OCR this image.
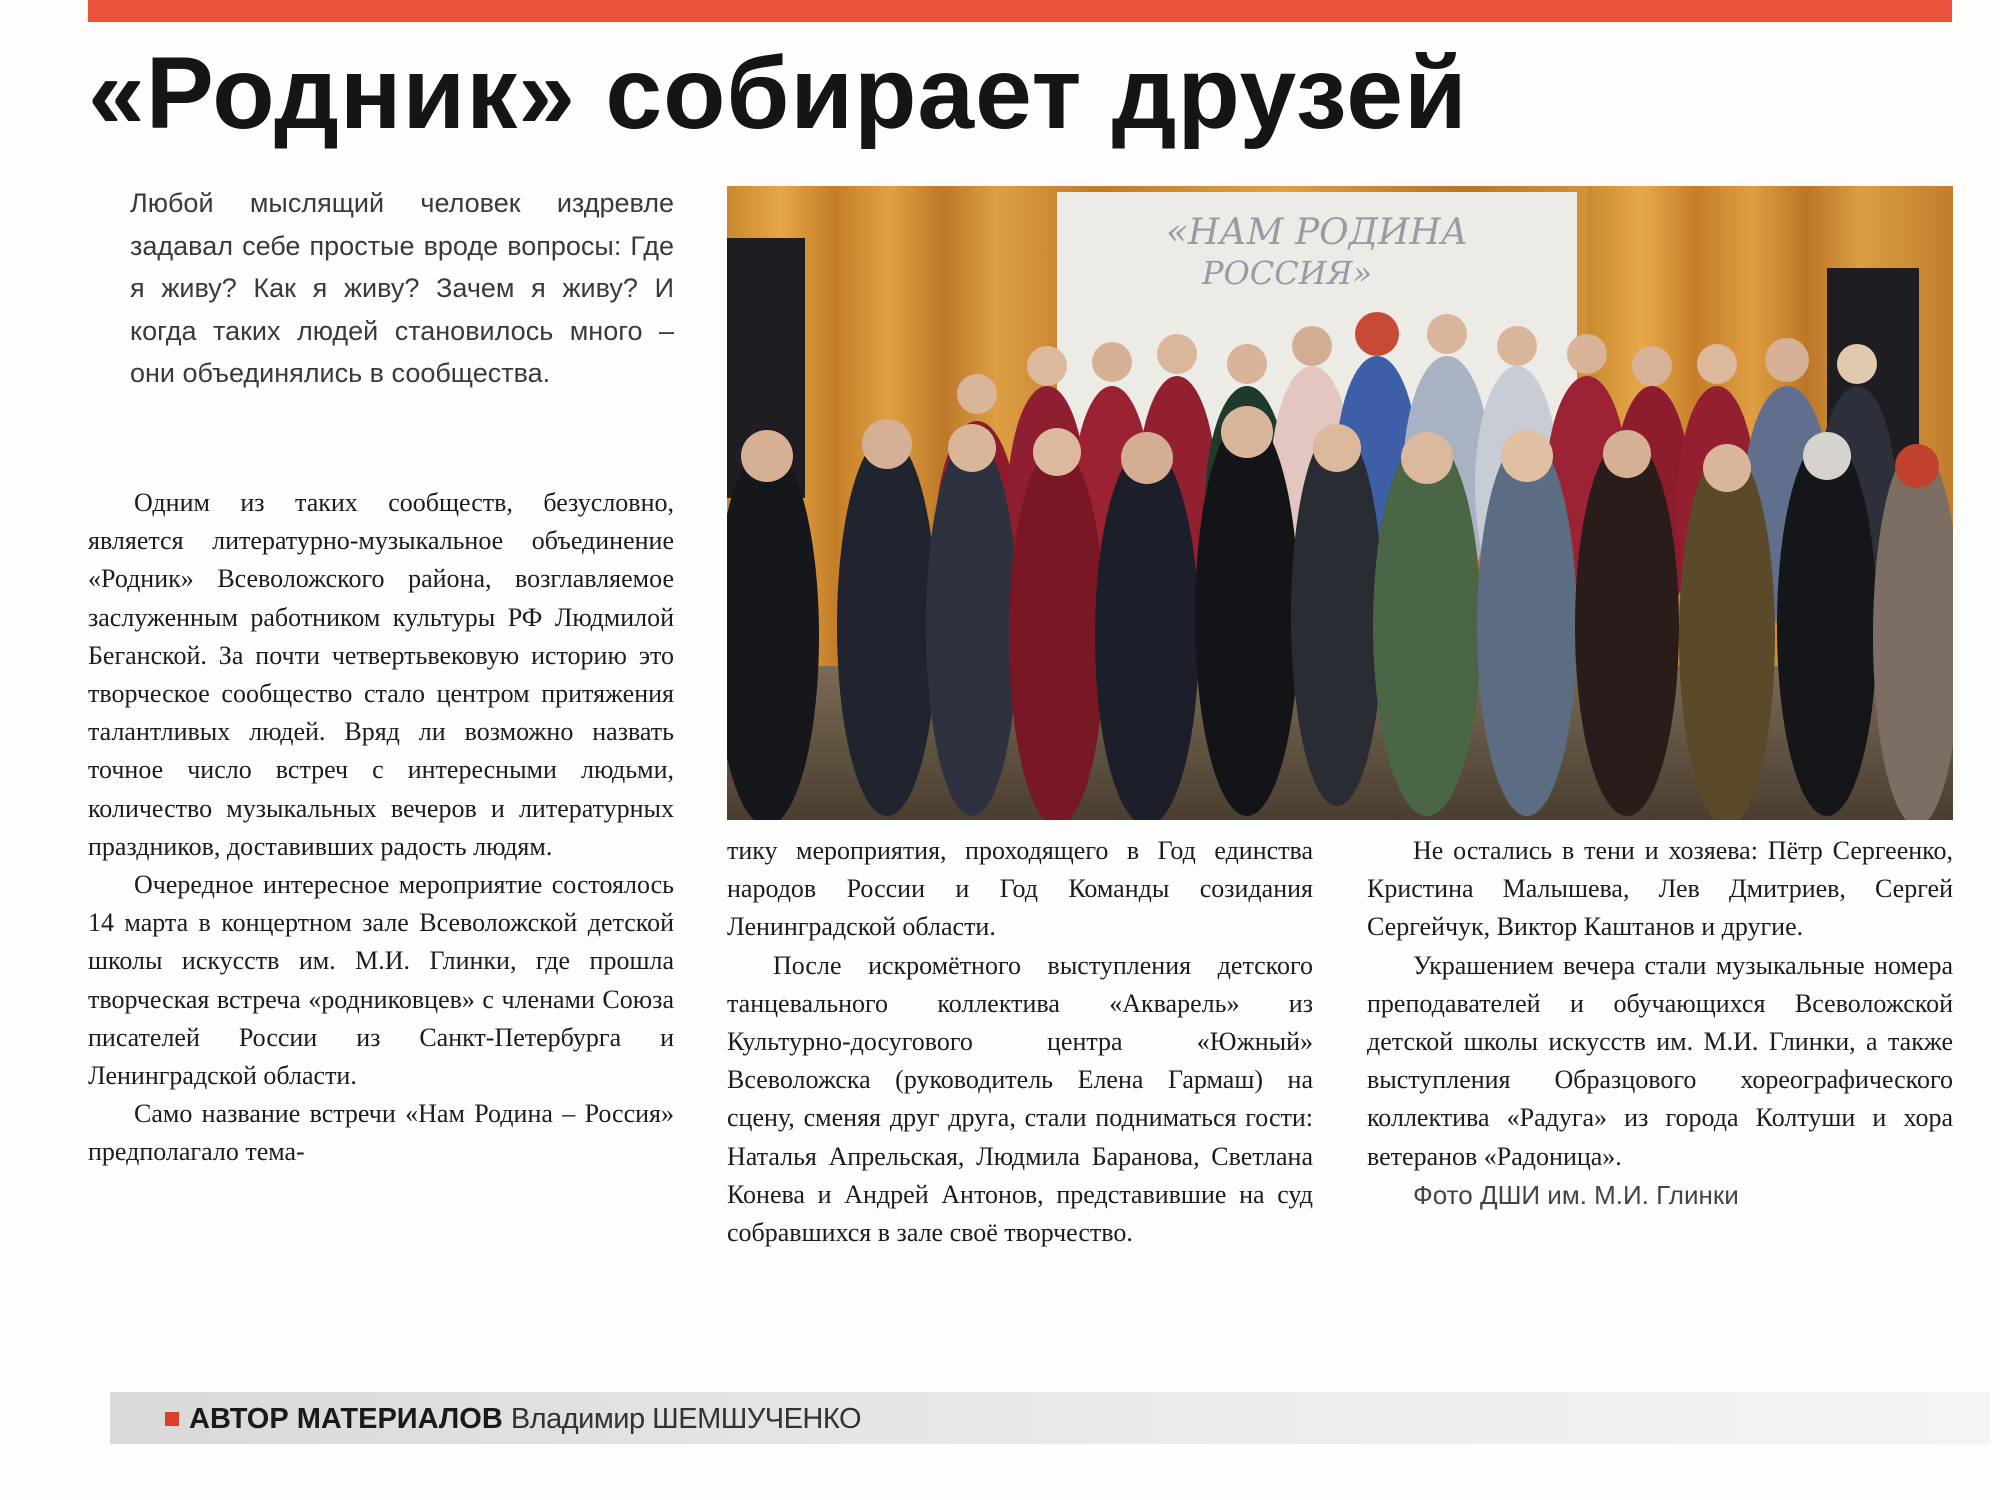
«Родник» собирает друзей

Любой мыслящий человек издревле задавал себе простые вроде вопросы: Где я живу? Как я живу? Зачем я живу? И когда таких людей становилось много – они объединялись в сообщества.

Одним из таких сообществ, безусловно, является литературно-музыкальное объединение «Родник» Всеволожского района, возглавляемое заслуженным работником культуры РФ Людмилой Беганской. За почти четвертьвековую историю это творческое сообщество стало центром притяжения талантливых людей. Вряд ли возможно назвать точное число встреч с интересными людьми, количество музыкальных вечеров и литературных праздников, доставивших радость людям.

Очередное интересное мероприятие состоялось 14 марта в концертном зале Всеволожской детской школы искусств им. М.И. Глинки, где прошла творческая встреча «родниковцев» с членами Союза писателей России из Санкт-Петербурга и Ленинградской области.

Само название встречи «Нам Родина – Россия» предполагало тема-

«НАМ РОДИНА
РОССИЯ»

тику мероприятия, проходящего в Год единства народов России и Год Команды созидания Ленинградской области.

После искромётного выступления детского танцевального коллектива «Акварель» из Культурно-досугового центра «Южный» Всеволожска (руководитель Елена Гармаш) на сцену, сменяя друг друга, стали подниматься гости: Наталья Апрельская, Людмила Баранова, Светлана Конева и Андрей Антонов, представившие на суд собравшихся в зале своё творчество.

Не остались в тени и хозяева: Пётр Сергеенко, Кристина Малышева, Лев Дмитриев, Сергей Сергейчук, Виктор Каштанов и другие.

Украшением вечера стали музыкальные номера преподавателей и обучающихся Всеволожской детской школы искусств им. М.И. Глинки, а также выступления Образцового хореографического коллектива «Радуга» из города Колтуши и хора ветеранов «Радоница».

Фото ДШИ им. М.И. Глинки

АВТОР МАТЕРИАЛОВ Владимир ШЕМШУЧЕНКО
